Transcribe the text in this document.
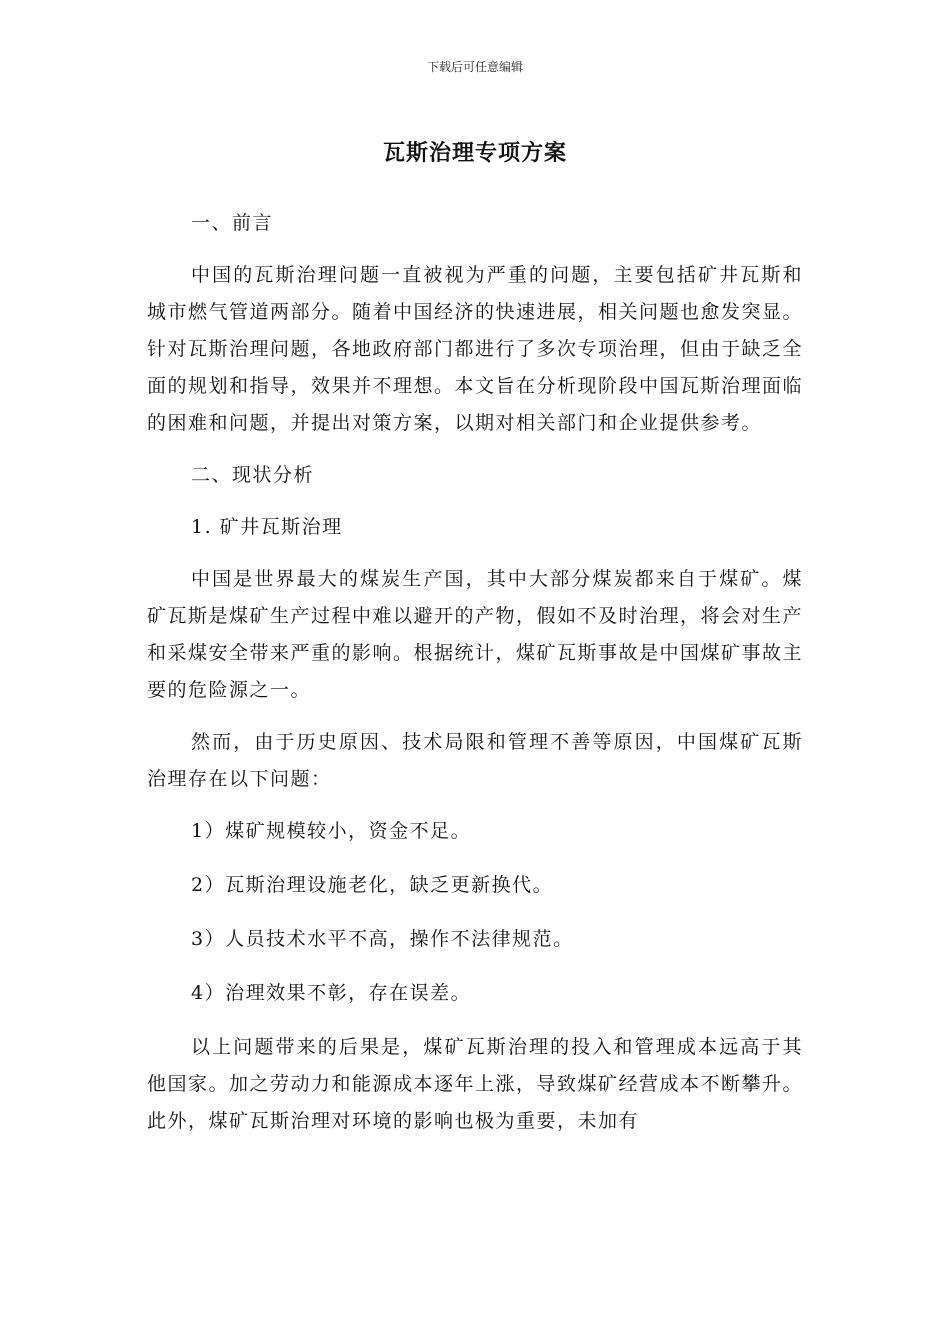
下载后可任意编辑
瓦斯治理专项方案

一、前言

中国的瓦斯治理问题一直被视为严重的问题，主要包括矿井瓦斯和城市燃气管道两部分。随着中国经济的快速进展，相关问题也愈发突显。针对瓦斯治理问题，各地政府部门都进行了多次专项治理，但由于缺乏全面的规划和指导，效果并不理想。本文旨在分析现阶段中国瓦斯治理面临的困难和问题，并提出对策方案，以期对相关部门和企业提供参考。

二、现状分析

1. 矿井瓦斯治理

中国是世界最大的煤炭生产国，其中大部分煤炭都来自于煤矿。煤矿瓦斯是煤矿生产过程中难以避开的产物，假如不及时治理，将会对生产和采煤安全带来严重的影响。根据统计，煤矿瓦斯事故是中国煤矿事故主要的危险源之一。

然而，由于历史原因、技术局限和管理不善等原因，中国煤矿瓦斯治理存在以下问题：

1）煤矿规模较小，资金不足。

2）瓦斯治理设施老化，缺乏更新换代。

3）人员技术水平不高，操作不法律规范。

4）治理效果不彰，存在误差。

以上问题带来的后果是，煤矿瓦斯治理的投入和管理成本远高于其他国家。加之劳动力和能源成本逐年上涨，导致煤矿经营成本不断攀升。此外，煤矿瓦斯治理对环境的影响也极为重要，未加有
